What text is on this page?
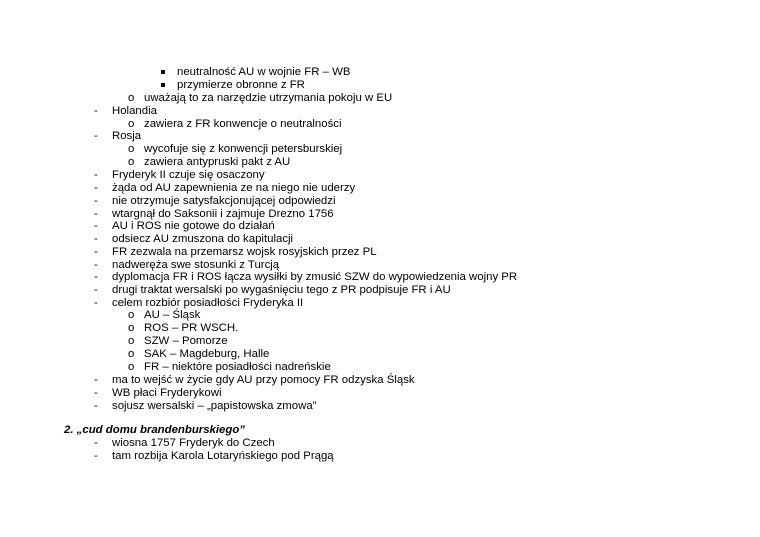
neutralność AU w wojnie FR – WB
przymierze obronne z FR
o uważają to za narzędzie utrzymania pokoju w EU
- Holandia
o zawiera z FR konwencje o neutralności
- Rosja
o wycofuje się z konwencji petersburskiej
o zawiera antypruski pakt z AU
- Fryderyk II czuje się osaczony
- żąda od AU zapewnienia ze na niego nie uderzy
- nie otrzymuje satysfakcjonującej odpowiedzi
- wtargnął do Saksonii i zajmuje Drezno 1756
- AU i ROS nie gotowe do działań
- odsiecz AU zmuszona do kapitulacji
- FR zezwala na przemarsz wojsk rosyjskich przez PL
- nadweręża swe stosunki z Turcją
- dyplomacja FR i ROS łącza wysiłki by zmusić SZW do wypowiedzenia wojny PR
- drugi traktat wersalski po wygaśnięciu tego z PR podpisuje FR i AU
- celem rozbiór posiadłości Fryderyka II
o AU – Śląsk
o ROS – PR WSCH.
o SZW – Pomorze
o SAK – Magdeburg, Halle
o FR – niektóre posiadłości nadreńskie
- ma to wejść w życie gdy AU przy pomocy FR odzyska Śląsk
- WB płaci Fryderykowi
- sojusz wersalski – „papistowska zmowa”
2. „cud domu brandenburskiego”
- wiosna 1757 Fryderyk do Czech
- tam rozbija Karola Lotaryńskiego pod Prągą
